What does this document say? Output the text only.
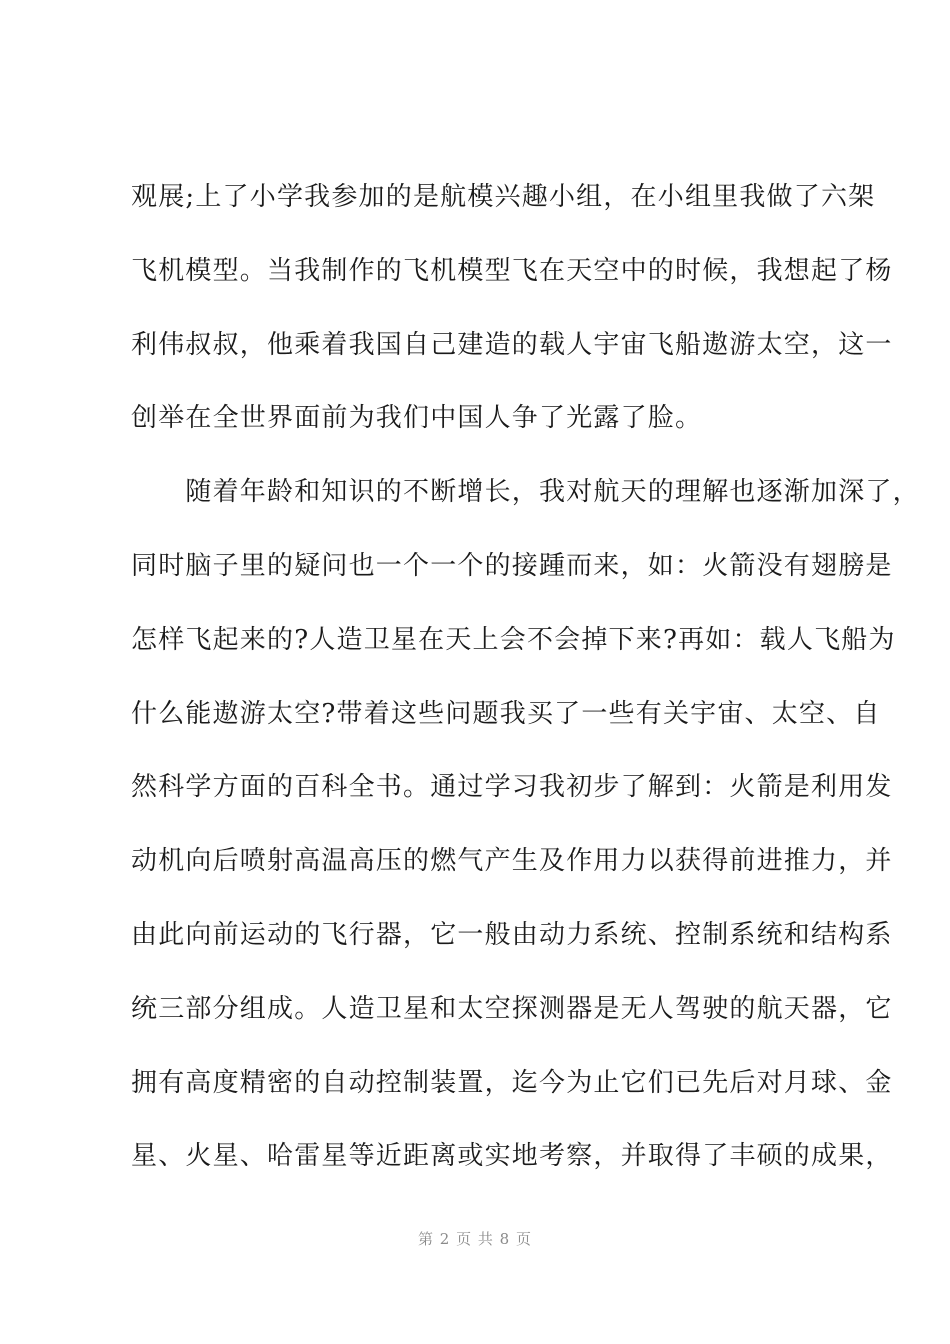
观展;上了小学我参加的是航模兴趣小组，在小组里我做了六架
飞机模型。当我制作的飞机模型飞在天空中的时候，我想起了杨
利伟叔叔，他乘着我国自己建造的载人宇宙飞船遨游太空，这一
创举在全世界面前为我们中国人争了光露了脸。
　　随着年龄和知识的不断增长，我对航天的理解也逐渐加深了，
同时脑子里的疑问也一个一个的接踵而来，如：火箭没有翅膀是
怎样飞起来的?人造卫星在天上会不会掉下来?再如：载人飞船为
什么能遨游太空?带着这些问题我买了一些有关宇宙、太空、自
然科学方面的百科全书。通过学习我初步了解到：火箭是利用发
动机向后喷射高温高压的燃气产生及作用力以获得前进推力，并
由此向前运动的飞行器，它一般由动力系统、控制系统和结构系
统三部分组成。人造卫星和太空探测器是无人驾驶的航天器，它
拥有高度精密的自动控制装置，迄今为止它们已先后对月球、金
星、火星、哈雷星等近距离或实地考察，并取得了丰硕的成果，
第 2 页 共 8 页
